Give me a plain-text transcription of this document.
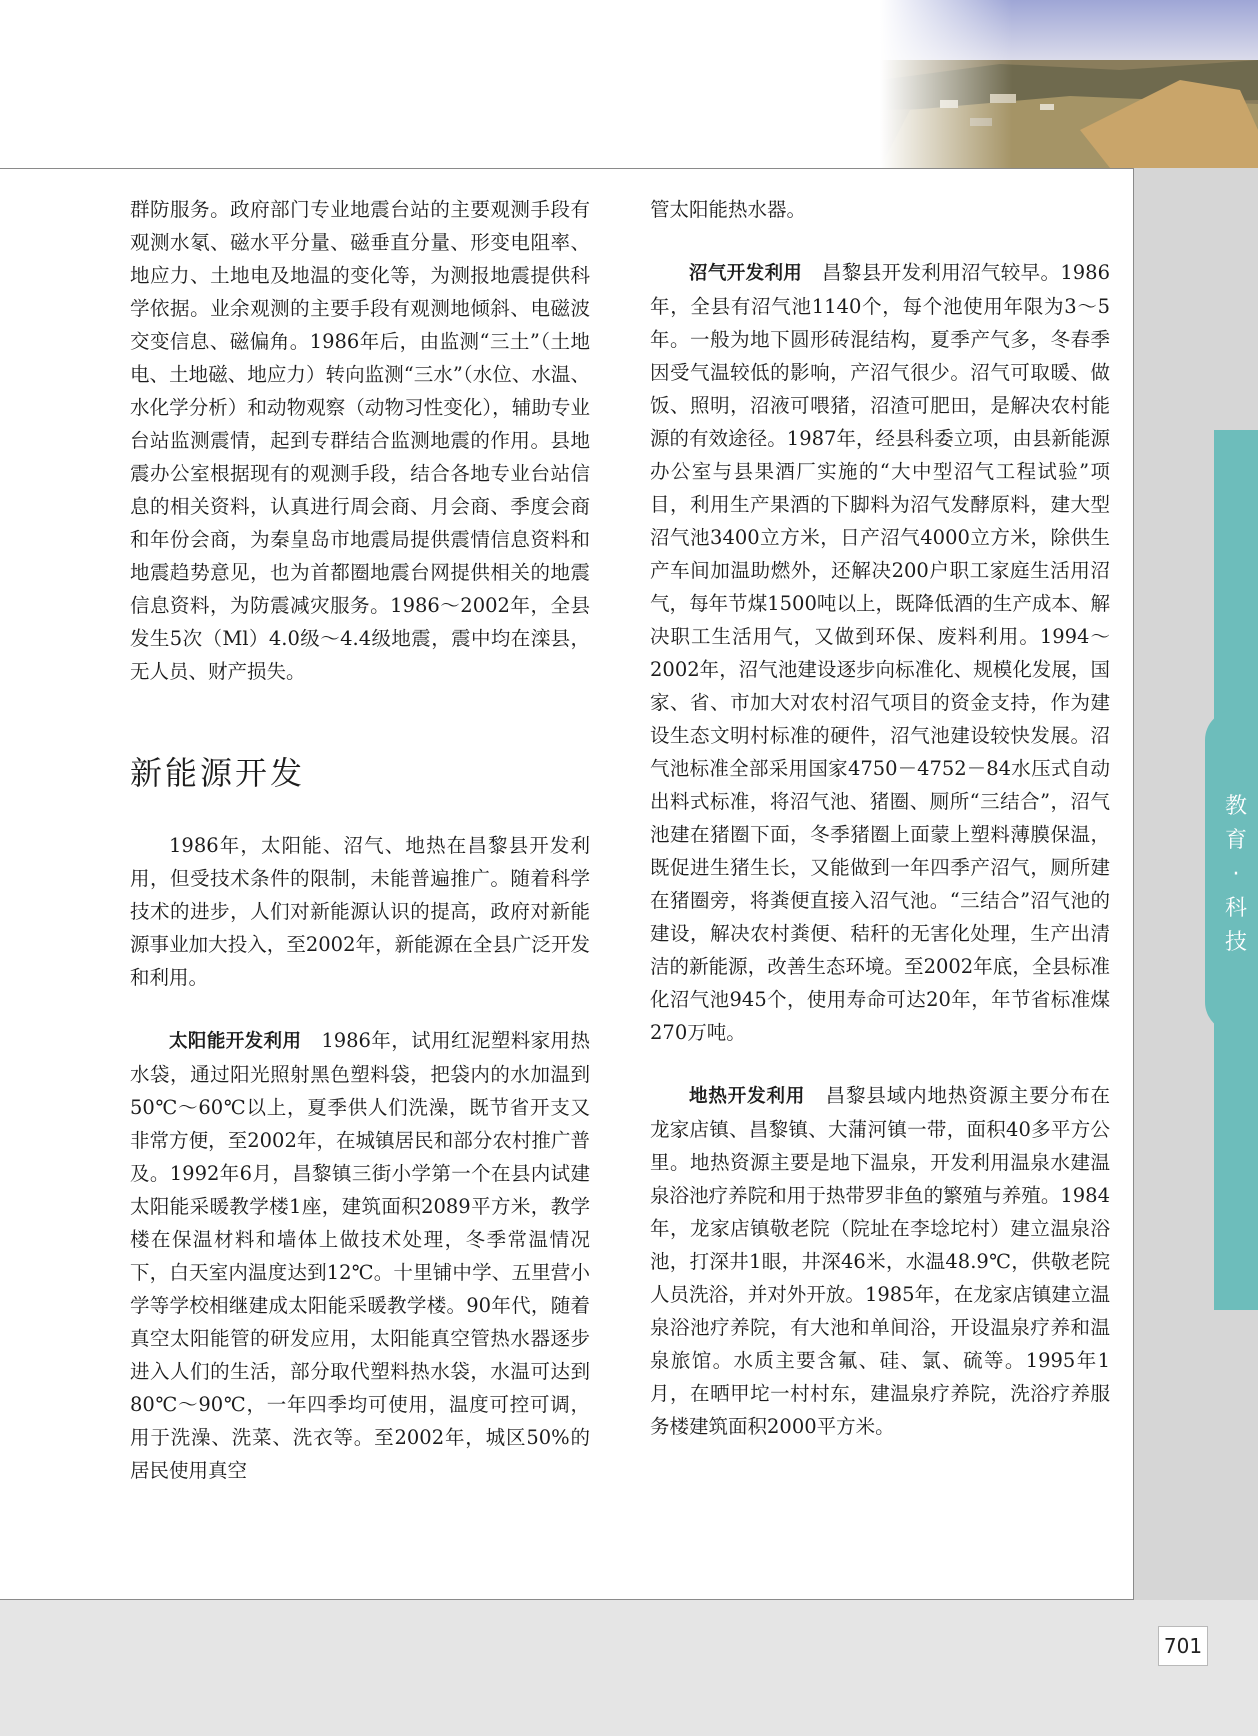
群防服务。政府部门专业地震台站的主要观测手段有观测水氡、磁水平分量、磁垂直分量、形变电阻率、地应力、土地电及地温的变化等，为测报地震提供科学依据。业余观测的主要手段有观测地倾斜、电磁波交变信息、磁偏角。1986年后，由监测“三土”（土地电、土地磁、地应力）转向监测“三水”（水位、水温、水化学分析）和动物观察（动物习性变化），辅助专业台站监测震情，起到专群结合监测地震的作用。县地震办公室根据现有的观测手段，结合各地专业台站信息的相关资料，认真进行周会商、月会商、季度会商和年份会商，为秦皇岛市地震局提供震情信息资料和地震趋势意见，也为首都圈地震台网提供相关的地震信息资料，为防震减灾服务。1986～2002年，全县发生5次（Ml）4.0级～4.4级地震，震中均在滦县，无人员、财产损失。

新能源开发

1986年，太阳能、沼气、地热在昌黎县开发利用，但受技术条件的限制，未能普遍推广。随着科学技术的进步，人们对新能源认识的提高，政府对新能源事业加大投入，至2002年，新能源在全县广泛开发和利用。

太阳能开发利用　 1986年，试用红泥塑料家用热水袋，通过阳光照射黑色塑料袋，把袋内的水加温到50℃～60℃以上，夏季供人们洗澡，既节省开支又非常方便，至2002年，在城镇居民和部分农村推广普及。1992年6月，昌黎镇三街小学第一个在县内试建太阳能采暖教学楼1座，建筑面积2089平方米，教学楼在保温材料和墙体上做技术处理，冬季常温情况下，白天室内温度达到12℃。十里铺中学、五里营小学等学校相继建成太阳能采暖教学楼。90年代，随着真空太阳能管的研发应用，太阳能真空管热水器逐步进入人们的生活，部分取代塑料热水袋，水温可达到80℃～90℃，一年四季均可使用，温度可控可调，用于洗澡、洗菜、洗衣等。至2002年，城区50%的居民使用真空

管太阳能热水器。

沼气开发利用　 昌黎县开发利用沼气较早。1986年，全县有沼气池1140个，每个池使用年限为3～5年。一般为地下圆形砖混结构，夏季产气多，冬春季因受气温较低的影响，产沼气很少。沼气可取暖、做饭、照明，沼液可喂猪，沼渣可肥田，是解决农村能源的有效途径。1987年，经县科委立项，由县新能源办公室与县果酒厂实施的“大中型沼气工程试验”项目，利用生产果酒的下脚料为沼气发酵原料，建大型沼气池3400立方米，日产沼气4000立方米，除供生产车间加温助燃外，还解决200户职工家庭生活用沼气，每年节煤1500吨以上，既降低酒的生产成本、解决职工生活用气，又做到环保、废料利用。1994～2002年，沼气池建设逐步向标准化、规模化发展，国家、省、市加大对农村沼气项目的资金支持，作为建设生态文明村标准的硬件，沼气池建设较快发展。沼气池标准全部采用国家4750－4752－84水压式自动出料式标准，将沼气池、猪圈、厕所“三结合”，沼气池建在猪圈下面，冬季猪圈上面蒙上塑料薄膜保温，既促进生猪生长，又能做到一年四季产沼气，厕所建在猪圈旁，将粪便直接入沼气池。“三结合”沼气池的建设，解决农村粪便、秸秆的无害化处理，生产出清洁的新能源，改善生态环境。至2002年底，全县标准化沼气池945个，使用寿命可达20年，年节省标准煤270万吨。

地热开发利用　 昌黎县域内地热资源主要分布在龙家店镇、昌黎镇、大蒲河镇一带，面积40多平方公里。地热资源主要是地下温泉，开发利用温泉水建温泉浴池疗养院和用于热带罗非鱼的繁殖与养殖。1984年，龙家店镇敬老院（院址在李埝坨村）建立温泉浴池，打深井1眼，井深46米，水温48.9℃，供敬老院人员洗浴，并对外开放。1985年，在龙家店镇建立温泉浴池疗养院，有大池和单间浴，开设温泉疗养和温泉旅馆。水质主要含氟、硅、氯、硫等。1995年1月，在晒甲坨一村村东，建温泉疗养院，洗浴疗养服务楼建筑面积2000平方米。

教
育
·
科
技
701
